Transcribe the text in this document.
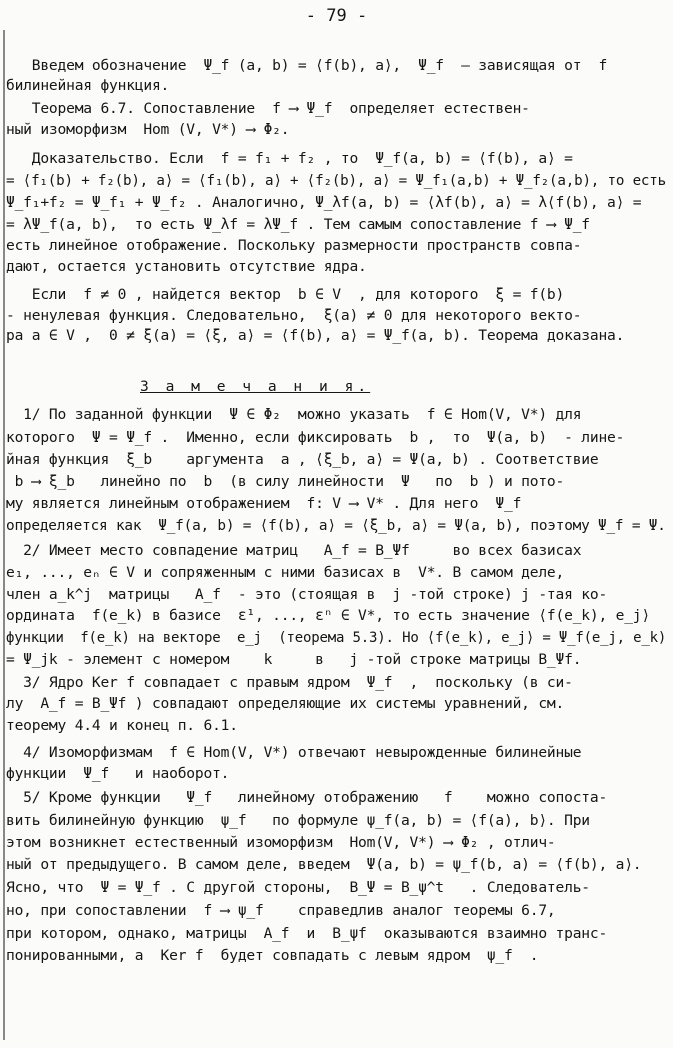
- 79 -
Введем обозначение  Ψ_f (a, b) = ⟨f(b), a⟩,  Ψ_f  – зависящая от  f
билинейная функция.
Теорема 6.7. Сопоставление  f ⟶ Ψ_f  определяет естествен-
ный изоморфизм  Hom (V, V*) ⟶ Φ₂.
Доказательство. Если  f = f₁ + f₂ , то  Ψ_f(a, b) = ⟨f(b), a⟩ =
= ⟨f₁(b) + f₂(b), a⟩ = ⟨f₁(b), a⟩ + ⟨f₂(b), a⟩ = Ψ_f₁(a,b) + Ψ_f₂(a,b), то есть
Ψ_f₁+f₂ = Ψ_f₁ + Ψ_f₂ . Аналогично, Ψ_λf(a, b) = ⟨λf(b), a⟩ = λ⟨f(b), a⟩ =
= λΨ_f(a, b),  то есть Ψ_λf = λΨ_f . Тем самым сопоставление f ⟶ Ψ_f
есть линейное отображение. Поскольку размерности пространств совпа-
дают, остается установить отсутствие ядра.
Если  f ≠ 0 , найдется вектор  b ∈ V  , для которого  ξ = f(b)
- ненулевая функция. Следовательно,  ξ(a) ≠ 0 для некоторого векто-
ра a ∈ V ,  0 ≠ ξ(a) = ⟨ξ, a⟩ = ⟨f(b), a⟩ = Ψ_f(a, b). Теорема доказана.
З а м е ч а н и я.
1/ По заданной функции  Ψ ∈ Φ₂  можно указать  f ∈ Hom(V, V*) для
которого  Ψ = Ψ_f .  Именно, если фиксировать  b ,  то  Ψ(a, b)  - лине-
йная функция  ξ_b    аргумента  a , ⟨ξ_b, a⟩ = Ψ(a, b) . Соответствие
b ⟶ ξ_b   линейно по  b  (в силу линейности  Ψ   по  b ) и пото-
му является линейным отображением  f: V ⟶ V* . Для него  Ψ_f
определяется как  Ψ_f(a, b) = ⟨f(b), a⟩ = ⟨ξ_b, a⟩ = Ψ(a, b), поэтому Ψ_f = Ψ.
2/ Имеет место совпадение матриц   A_f = B_Ψf     во всех базисах
e₁, ..., eₙ ∈ V и сопряженным с ними базисах в  V*. В самом деле,
член a_k^j  матрицы   A_f  - это (стоящая в  j -той строке) j -тая ко-
ордината  f(e_k) в базисе  ε¹, ..., εⁿ ∈ V*, то есть значение ⟨f(e_k), e_j⟩
функции  f(e_k) на векторе  e_j  (теорема 5.3). Но ⟨f(e_k), e_j⟩ = Ψ_f(e_j, e_k)
= Ψ_jk - элемент с номером    k     в   j -той строке матрицы B_Ψf.
3/ Ядро Ker f совпадает с правым ядром  Ψ_f  ,  поскольку (в си-
лу  A_f = B_Ψf ) совпадают определяющие их системы уравнений, см.
теорему 4.4 и конец п. 6.1.
4/ Изоморфизмам  f ∈ Hom(V, V*) отвечают невырожденные билинейные
функции  Ψ_f   и наоборот.
5/ Кроме функции   Ψ_f   линейному отображению   f    можно сопостa-
вить билинейную функцию  ψ_f   по формуле ψ_f(a, b) = ⟨f(a), b⟩. При
этом возникнет естественный изоморфизм  Hom(V, V*) ⟶ Φ₂ , отлич-
ный от предыдущего. В самом деле, введем  Ψ(a, b) = ψ_f(b, a) = ⟨f(b), a⟩.
Ясно, что  Ψ = Ψ_f . С другой стороны,  B_Ψ = B_ψ^t   . Следователь-
но, при сопоставлении  f ⟶ ψ_f    справедлив аналог теоремы 6.7,
при котором, однако, матрицы  A_f  и  B_ψf  оказываются взаимно транс-
понированными, а  Ker f  будет совпадать с левым ядром  ψ_f  .
